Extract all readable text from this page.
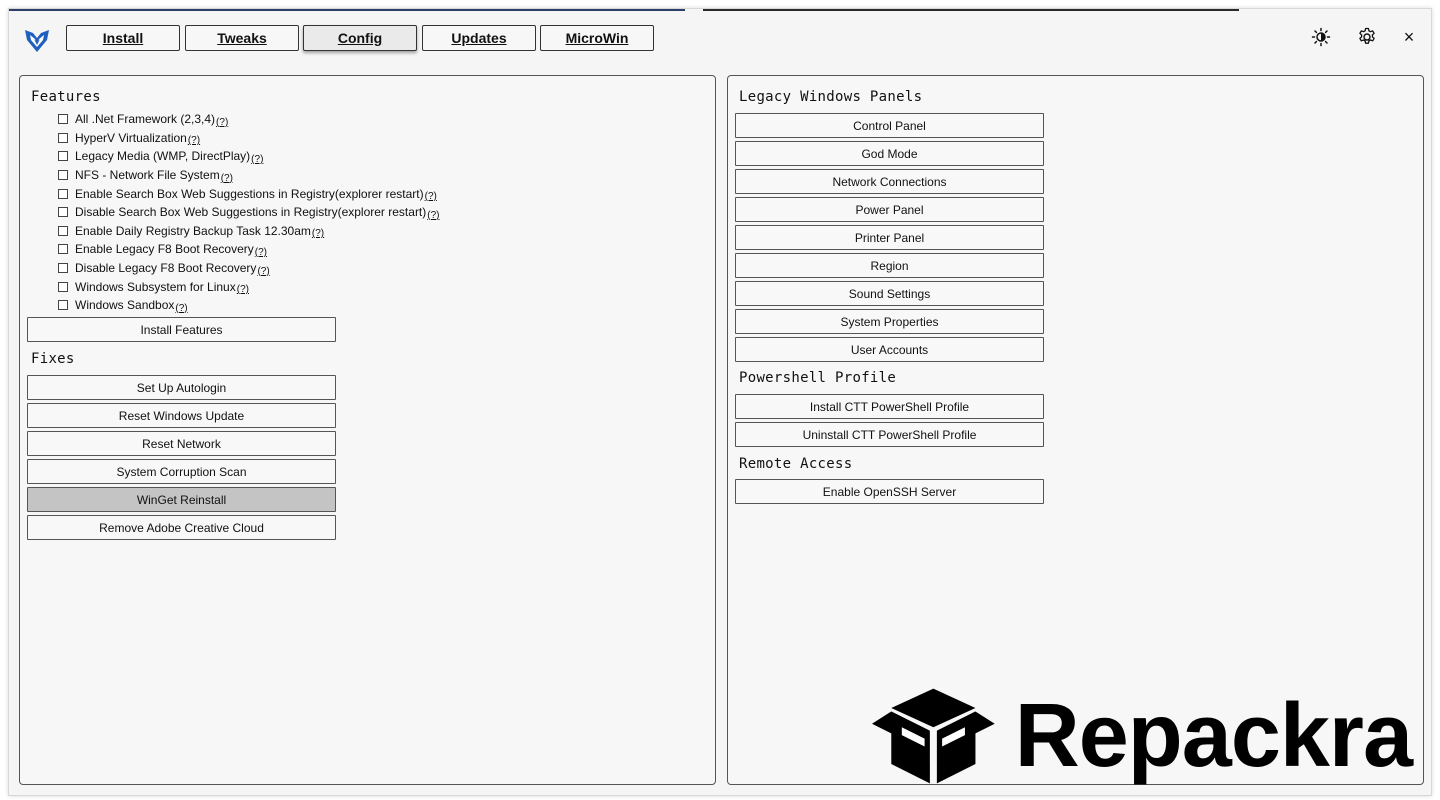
Install	Tweaks	Config	Updates	MicroWin	×
Features
All .Net Framework (2,3,4) (?)
HyperV Virtualization (?)
Legacy Media (WMP, DirectPlay) (?)
NFS - Network File System (?)
Enable Search Box Web Suggestions in Registry(explorer restart) (?)
Disable Search Box Web Suggestions in Registry(explorer restart) (?)
Enable Daily Registry Backup Task 12.30am (?)
Enable Legacy F8 Boot Recovery (?)
Disable Legacy F8 Boot Recovery (?)
Windows Subsystem for Linux (?)
Windows Sandbox (?)
Install Features
Fixes
Set Up Autologin
Reset Windows Update
Reset Network
System Corruption Scan
WinGet Reinstall
Remove Adobe Creative Cloud
Legacy Windows Panels
Control Panel
God Mode
Network Connections
Power Panel
Printer Panel
Region
Sound Settings
System Properties
User Accounts
Powershell Profile
Install CTT PowerShell Profile
Uninstall CTT PowerShell Profile
Remote Access
Enable OpenSSH Server
Repackra
